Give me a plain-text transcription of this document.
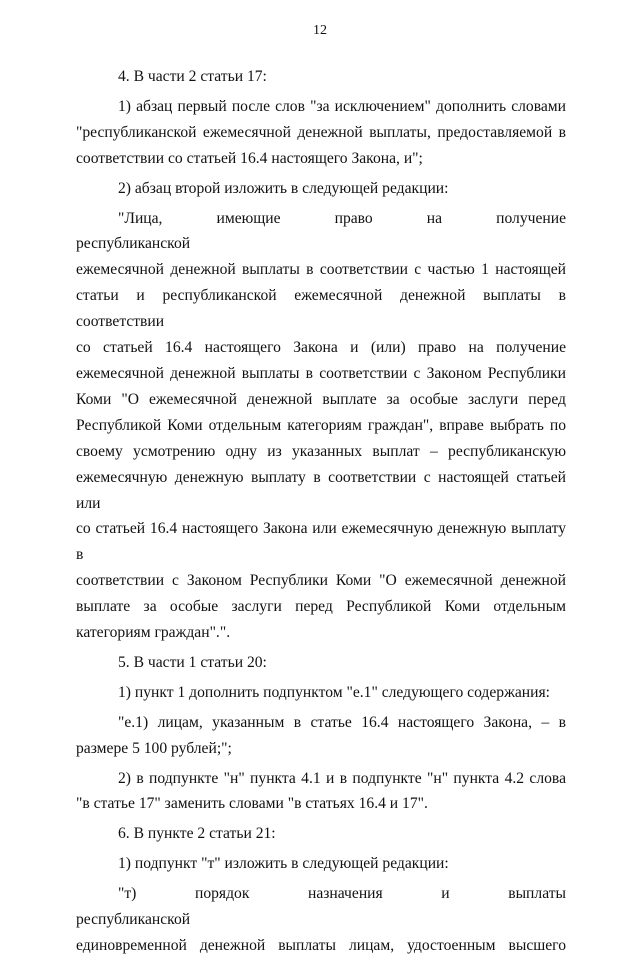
12

4. В части 2 статьи 17:

1) абзац первый после слов "за исключением" дополнить словами

"республиканской ежемесячной денежной выплаты, предоставляемой в

соответствии со статьей 16.4 настоящего Закона, и";

2) абзац второй изложить в следующей редакции:

"Лица, имеющие право на получение республиканской

ежемесячной денежной выплаты в соответствии с частью 1 настоящей

статьи и республиканской ежемесячной денежной выплаты в соответствии

со статьей 16.4 настоящего Закона и (или) право на получение

ежемесячной денежной выплаты в соответствии с Законом Республики

Коми "О ежемесячной денежной выплате за особые заслуги перед

Республикой Коми отдельным категориям граждан", вправе выбрать по

своему усмотрению одну из указанных выплат – республиканскую

ежемесячную денежную выплату в соответствии с настоящей статьей или

со статьей 16.4 настоящего Закона или ежемесячную денежную выплату в

соответствии с Законом Республики Коми "О ежемесячной денежной

выплате за особые заслуги перед Республикой Коми отдельным

категориям граждан".".

5. В части 1 статьи 20:

1) пункт 1 дополнить подпунктом "е.1" следующего содержания:

"е.1) лицам, указанным в статье 16.4 настоящего Закона, – в

размере 5 100 рублей;";

2) в подпункте "н" пункта 4.1 и в подпункте "н" пункта 4.2 слова

"в статье 17" заменить словами "в статьях 16.4 и 17".

6. В пункте 2 статьи 21:

1) подпункт "т" изложить в следующей редакции:

"т) порядок назначения и выплаты республиканской

единовременной денежной выплаты лицам, удостоенным высшего
